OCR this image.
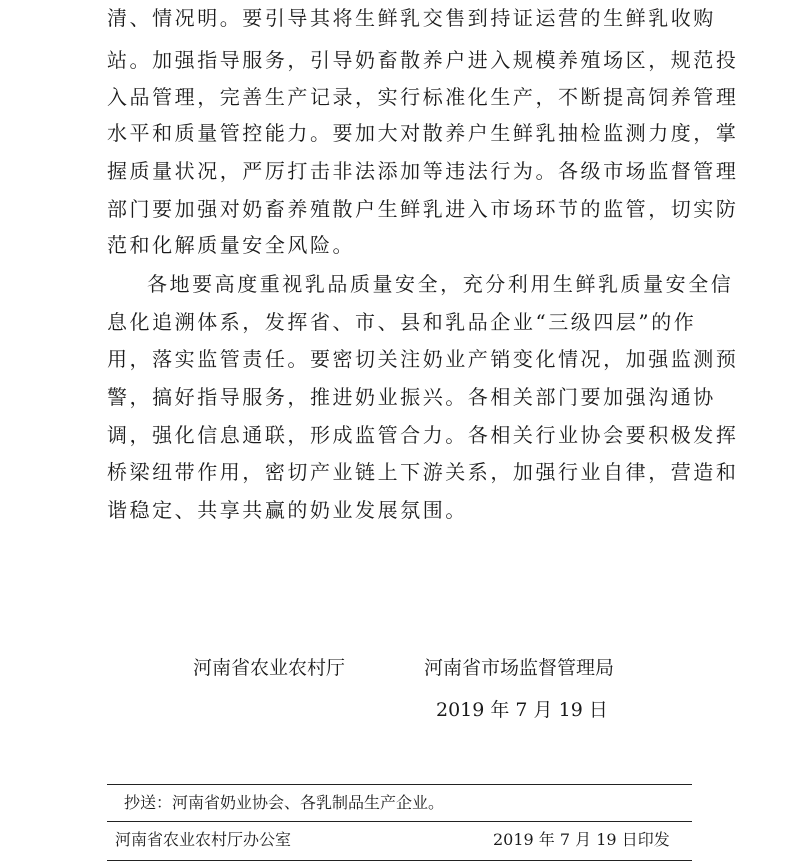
清、情况明。要引导其将生鲜乳交售到持证运营的生鲜乳收购
站。加强指导服务，引导奶畜散养户进入规模养殖场区，规范投
入品管理，完善生产记录，实行标准化生产，不断提高饲养管理
水平和质量管控能力。要加大对散养户生鲜乳抽检监测力度，掌
握质量状况，严厉打击非法添加等违法行为。各级市场监督管理
部门要加强对奶畜养殖散户生鲜乳进入市场环节的监管，切实防
范和化解质量安全风险。
各地要高度重视乳品质量安全，充分利用生鲜乳质量安全信
息化追溯体系，发挥省、市、县和乳品企业“三级四层”的作
用，落实监管责任。要密切关注奶业产销变化情况，加强监测预
警，搞好指导服务，推进奶业振兴。各相关部门要加强沟通协
调，强化信息通联，形成监管合力。各相关行业协会要积极发挥
桥梁纽带作用，密切产业链上下游关系，加强行业自律，营造和
谐稳定、共享共赢的奶业发展氛围。
河南省农业农村厅	河南省市场监督管理局
2019 年 7 月 19 日
抄送：河南省奶业协会、各乳制品生产企业。
河南省农业农村厅办公室	2019 年 7 月 19 日印发
